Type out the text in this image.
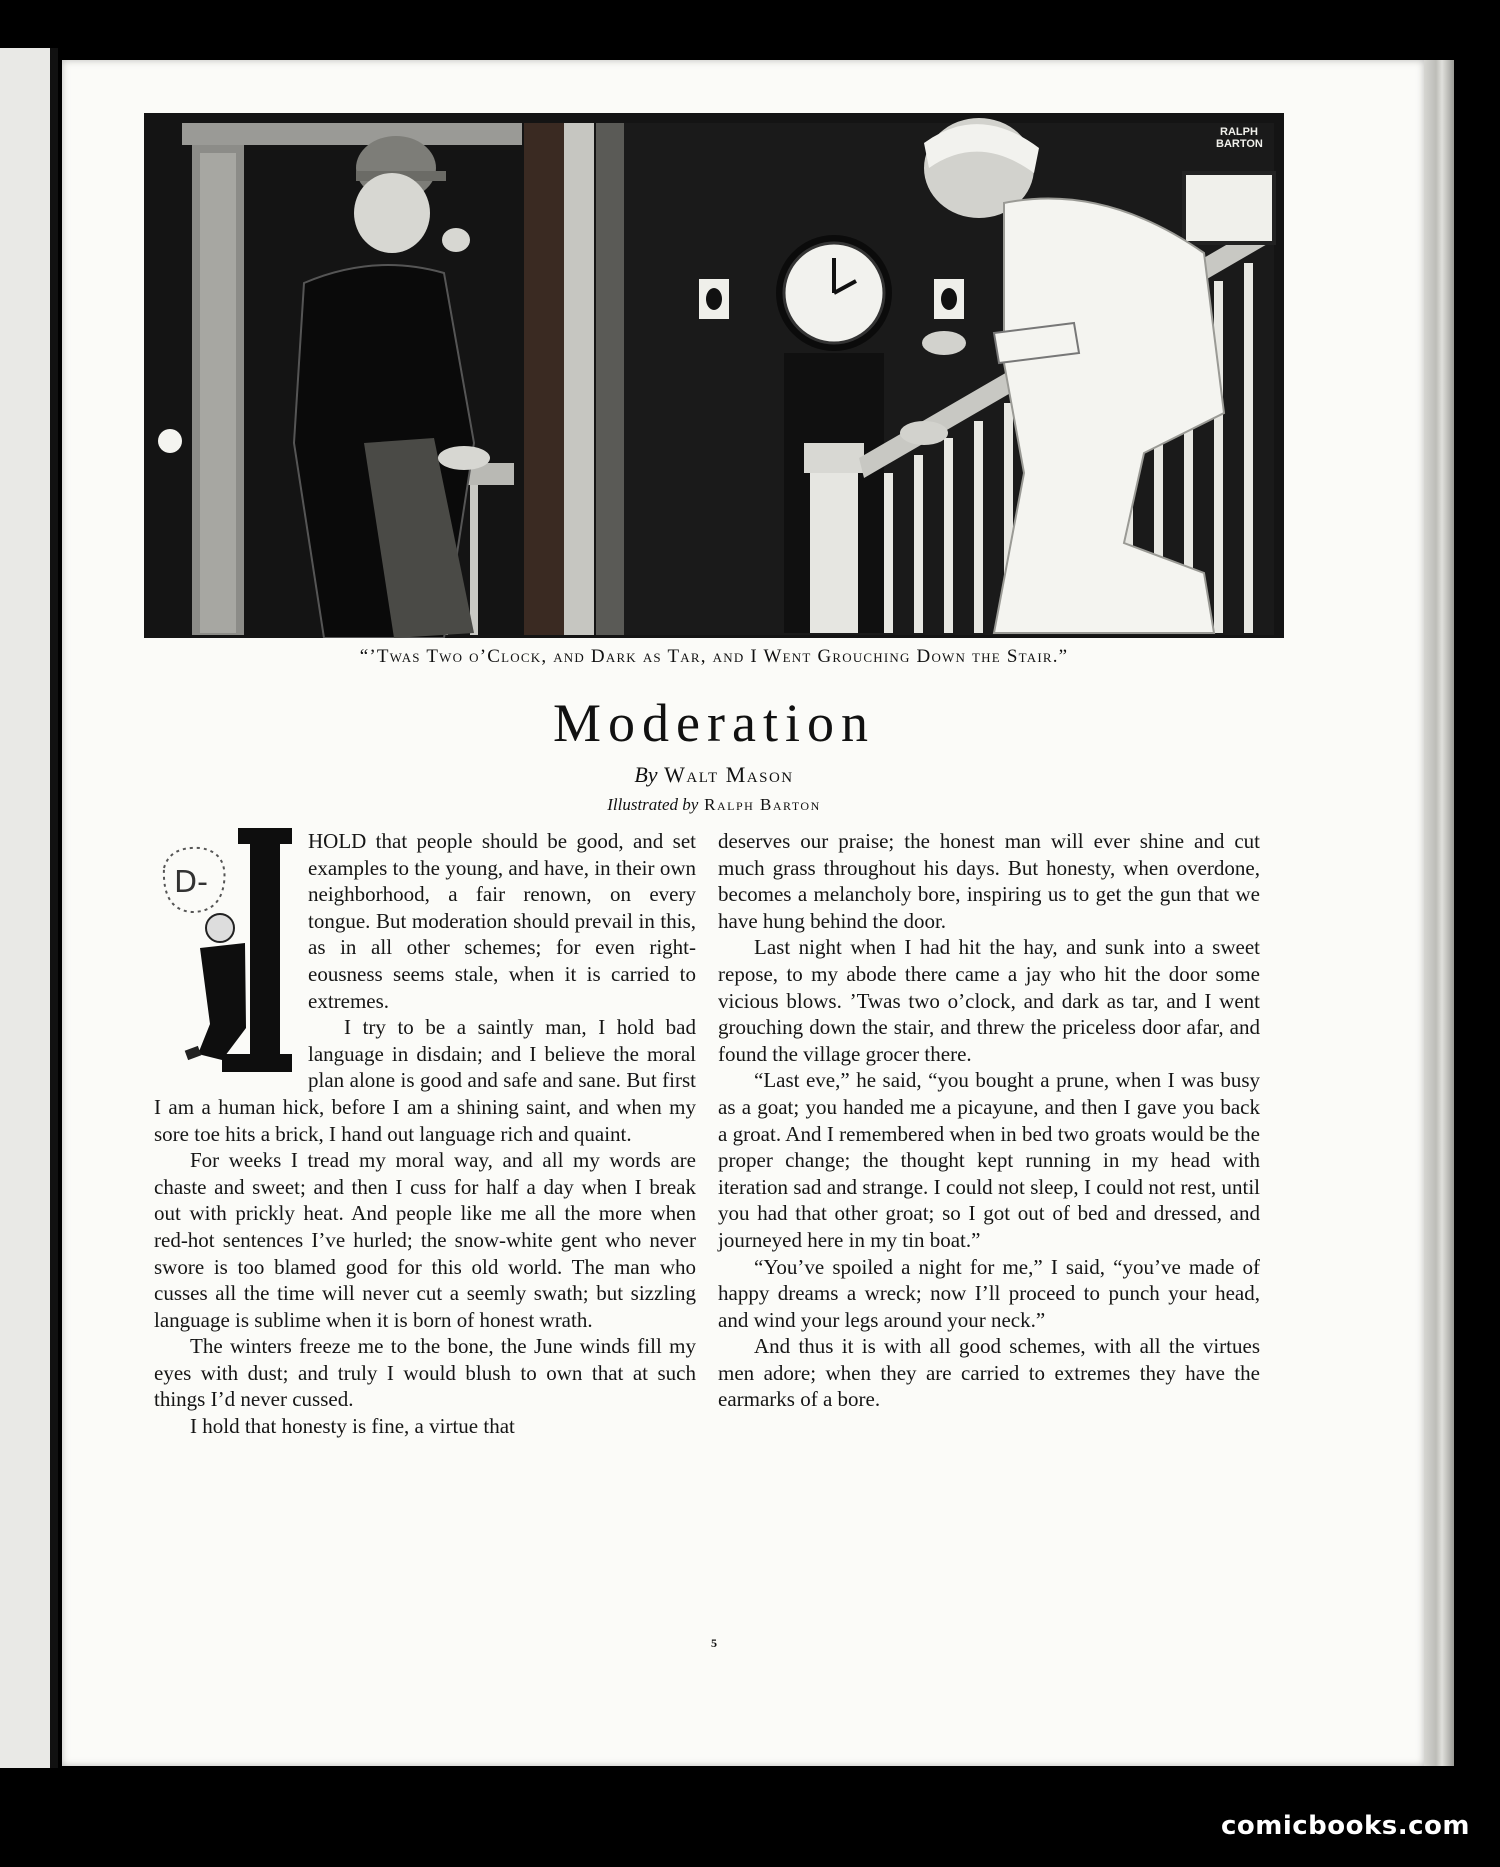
RALPH
BARTON
“’Twas Two o’Clock, and Dark as Tar, and I Went Grouching Down the Stair.”
Moderation
By Walt Mason
Illustrated by Ralph Barton
D-

HOLD that people should be good, and set examples to the young, and have, in their own neighborhood, a fair renown, on every tongue. But moderation should prevail in this, as in all other schemes; for even right-eousness seems stale, when it is carried to extremes.

I try to be a saintly man, I hold bad language in disdain; and I believe the moral plan alone is good and safe and sane. But first I am a human hick, before I am a shining saint, and when my sore toe hits a brick, I hand out language rich and quaint.

For weeks I tread my moral way, and all my words are chaste and sweet; and then I cuss for half a day when I break out with prickly heat. And people like me all the more when red-hot sentences I’ve hurled; the snow-white gent who never swore is too blamed good for this old world. The man who cusses all the time will never cut a seemly swath; but sizzling language is sublime when it is born of honest wrath.

The winters freeze me to the bone, the June winds fill my eyes with dust; and truly I would blush to own that at such things I’d never cussed.

I hold that honesty is fine, a virtue that

deserves our praise; the honest man will ever shine and cut much grass throughout his days. But honesty, when overdone, becomes a melancholy bore, inspiring us to get the gun that we have hung behind the door.

Last night when I had hit the hay, and sunk into a sweet repose, to my abode there came a jay who hit the door some vicious blows. ’Twas two o’clock, and dark as tar, and I went grouching down the stair, and threw the priceless door afar, and found the village grocer there.

“Last eve,” he said, “you bought a prune, when I was busy as a goat; you handed me a picayune, and then I gave you back a groat. And I remembered when in bed two groats would be the proper change; the thought kept running in my head with iteration sad and strange. I could not sleep, I could not rest, until you had that other groat; so I got out of bed and dressed, and journeyed here in my tin boat.”

“You’ve spoiled a night for me,” I said, “you’ve made of happy dreams a wreck; now I’ll proceed to punch your head, and wind your legs around your neck.”

And thus it is with all good schemes, with all the virtues men adore; when they are carried to extremes they have the earmarks of a bore.

5
comicbooks.com
